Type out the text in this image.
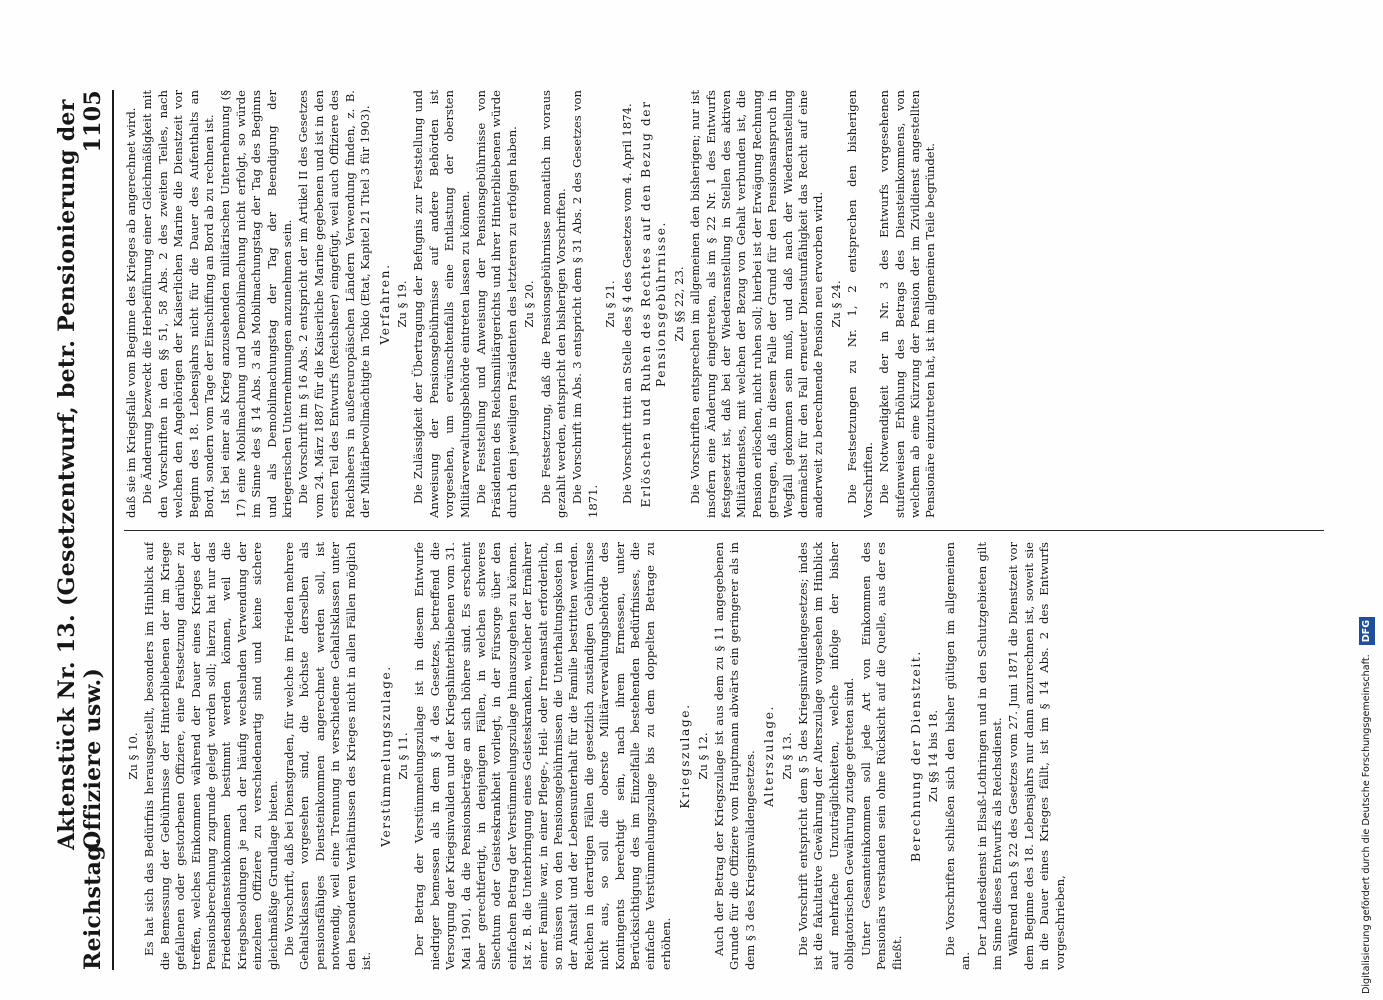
Reichstag.
Aktenstück Nr. 13. (Gesetzentwurf, betr. Pensionierung der Offiziere usw.)
1105
Zu § 10. Es hat sich das Bedürfnis herausgestellt, besonders im Hinblick auf die Bemessung der Gebührnisse der Hinterbliebenen der im Kriege gefallenen oder gestorbenen Offiziere, eine Festsetzung darüber zu treffen, welches Einkommen während der Dauer eines Krieges der Pensionsberechnung zugrunde gelegt werden soll; hierzu hat nur das Friedensdiensteinkommen bestimmt werden können, weil die Kriegsbesoldungen je nach der häufig wechselnden Verwendung der einzelnen Offiziere zu verschiedenartig sind und keine sichere gleichmäßige Grundlage bieten. Die Vorschrift, daß bei Dienstgraden, für welche im Frieden mehrere Gehaltsklassen vorgesehen sind, die höchste derselben als pensionsfähiges Diensteinkommen angerechnet werden soll, ist notwendig, weil eine Trennung in verschiedene Gehaltsklassen unter den besonderen Verhältnissen des Krieges nicht in allen Fällen möglich ist.

Verstümmelungszulage. Zu § 11. Der Betrag der Verstümmelungszulage ist in diesem Entwurfe niedriger bemessen als in dem § 4 des Gesetzes, betreffend die Versorgung der Kriegsinvaliden und der Kriegshinterbliebenen vom 31. Mai 1901, da die Pensionsbeträge an sich höhere sind. Es erscheint aber gerechtfertigt, in denjenigen Fällen, in welchen schweres Siechtum oder Geisteskrankheit vorliegt, in der Fürsorge über den einfachen Betrag der Verstümmelungszulage hinauszugehen zu können. Ist z. B. die Unterbringung eines Geisteskranken, welcher der Ernährer einer Familie war, in einer Pflege-, Heil- oder Irrenanstalt erforderlich, so müssen von den Pensionsgebührnissen die Unterhaltungskosten in der Anstalt und der Lebensunterhalt für die Familie bestritten werden. Reichen in derartigen Fällen die gesetzlich zuständigen Gebührnisse nicht aus, so soll die oberste Militärverwaltungsbehörde des Kontingents berechtigt sein, nach ihrem Ermessen, unter Berücksichtigung des im Einzelfalle bestehenden Bedürfnisses, die einfache Verstümmelungszulage bis zu dem doppelten Betrage zu erhöhen.

Kriegszulage. Zu § 12. Auch der Betrag der Kriegszulage ist aus dem zu § 11 angegebenen Grunde für die Offiziere vom Hauptmann abwärts ein geringerer als in dem § 3 des Kriegsinvalidengesetzes. Alterszulage. Zu § 13. Die Vorschrift entspricht dem § 5 des Kriegsinvalidengesetzes; indes ist die fakultative Gewährung der Alterszulage vorgesehen im Hinblick auf mehrfache Unzuträglichkeiten, welche infolge der bisher obligatorischen Gewährung zutage getreten sind. Unter Gesamteinkommen soll jede Art von Einkommen des Pensionärs verstanden sein ohne Rücksicht auf die Quelle, aus der es fließt.

Berechnung der Dienstzeit. Zu §§ 14 bis 18. Die Vorschriften schließen sich den bisher gültigen im allgemeinen an.

Der Landesdienst in Elsaß-Lothringen und in den Schutzgebieten gilt im Sinne dieses Entwurfs als Reichsdienst. Während nach § 22 des Gesetzes vom 27. Juni 1871 die Dienstzeit vor dem Beginne des 18. Lebensjahrs nur dann anzurechnen ist, soweit sie in die Dauer eines Krieges fällt, ist im § 14 Abs. 2 des Entwurfs vorgeschrieben,

daß sie im Kriegsfalle vom Beginne des Krieges ab angerechnet wird. Die Änderung bezweckt die Herbeiführung einer Gleichmäßigkeit mit den Vorschriften in den §§ 51, 58 Abs. 2 des zweiten Teiles, nach welchen den Angehörigen der Kaiserlichen Marine die Dienstzeit vor Beginn des 18. Lebensjahrs nicht für die Dauer des Aufenthalts an Bord, sondern vom Tage der Einschiffung an Bord ab zu rechnen ist. Ist bei einer als Krieg anzusehenden militärischen Unternehmung (§ 17) eine Mobilmachung und Demobilmachung nicht erfolgt, so würde im Sinne des § 14 Abs. 3 als Mobilmachungstag der Tag des Beginns und als Demobilmachungstag der Tag der Beendigung der kriegerischen Unternehmungen anzunehmen sein. Die Vorschrift im § 16 Abs. 2 entspricht der im Artikel II des Gesetzes vom 24. März 1887 für die Kaiserliche Marine gegebenen und ist in den ersten Teil des Entwurfs (Reichsheer) eingefügt, weil auch Offiziere des Reichsheers in außereuropäischen Ländern Verwendung finden, z. B. der Militärbevollmächtigte in Tokio (Etat, Kapitel 21 Titel 3 für 1903). Verfahren. Zu § 19. Die Zulässigkeit der Übertragung der Befugnis zur Feststellung und Anweisung der Pensionsgebührnisse auf andere Behörden ist vorgesehen, um erwünschtenfalls eine Entlastung der obersten Militärverwaltungsbehörde eintreten lassen zu können. Die Feststellung und Anweisung der Pensionsgebührnisse von Präsidenten des Reichsmilitärgerichts und ihrer Hinterbliebenen würde durch den jeweiligen Präsidenten des letzteren zu erfolgen haben. Zu § 20. Die Festsetzung, daß die Pensionsgebührnisse monatlich im voraus gezahlt werden, entspricht den bisherigen Vorschriften. Die Vorschrift im Abs. 3 entspricht dem § 31 Abs. 2 des Gesetzes von 1871.

Zu § 21. Die Vorschrift tritt an Stelle des § 4 des Gesetzes vom 4. April 1874. Erlöschen und Ruhen des Rechtes auf den Bezug der Pensionsgebührnisse. Zu §§ 22, 23. Die Vorschriften entsprechen im allgemeinen den bisherigen; nur ist insofern eine Änderung eingetreten, als im § 22 Nr. 1 des Entwurfs festgesetzt ist, daß bei der Wiederanstellung in Stellen des aktiven Militärdienstes, mit welchen der Bezug von Gehalt verbunden ist, die Pension erlöschen, nicht ruhen soll; hierbei ist der Erwägung Rechnung getragen, daß in diesem Falle der Grund für den Pensionsanspruch in Wegfall gekommen sein muß, und daß nach der Wiederanstellung demnächst für den Fall erneuter Dienstunfähigkeit das Recht auf eine anderweit zu berechnende Pension neu erworben wird. Zu § 24. Die Festsetzungen zu Nr. 1, 2 entsprechen den bisherigen Vorschriften. Die Notwendigkeit der in Nr. 3 des Entwurfs vorgesehenen stufenweisen Erhöhung des Betrags des Diensteinkommens, von welchem ab eine Kürzung der Pension der im Zivildienst angestellten Pensionäre einzutreten hat, ist im allgemeinen Teile begründet.

Digitalisierung gefördert durch die Deutsche Forschungsgemeinschaft. DFG
